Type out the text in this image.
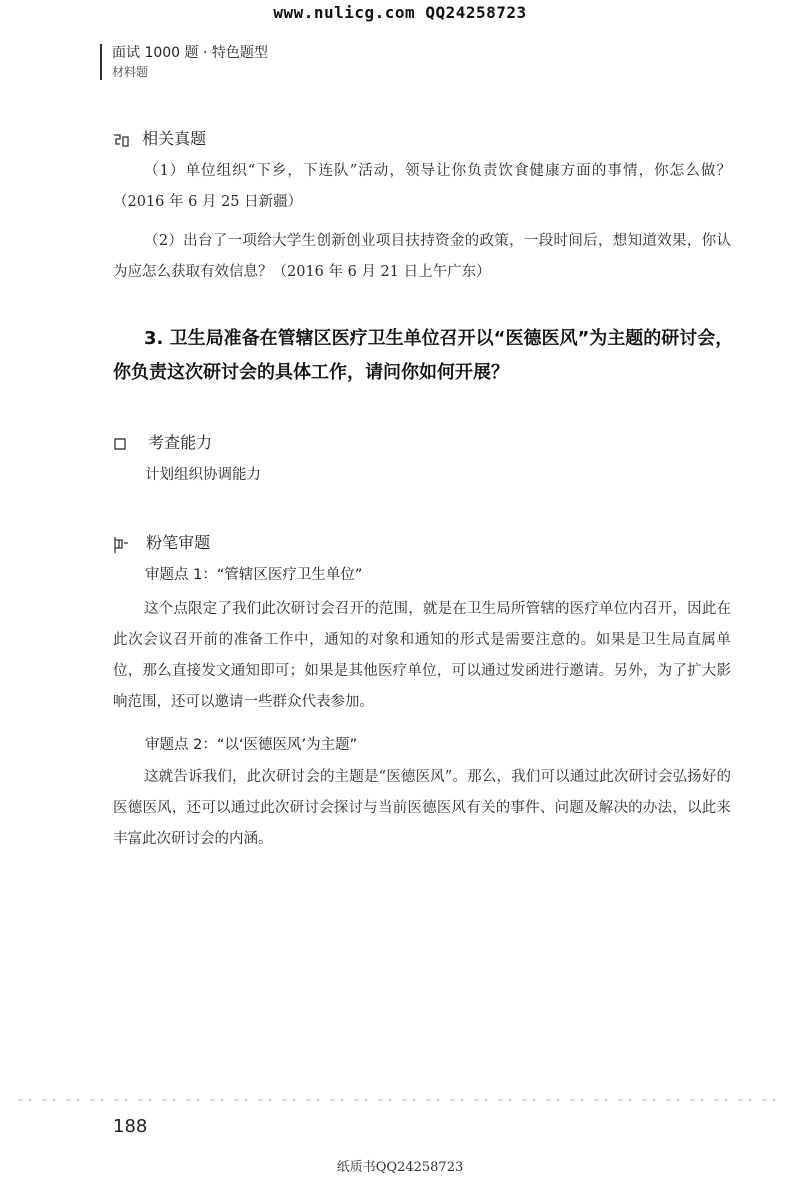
www.nulicg.com QQ24258723
面试 1000 题 · 特色题型
材料题
相关真题
（1）单位组织“下乡，下连队”活动，领导让你负责饮食健康方面的事情，你怎么做？（2016 年 6 月 25 日新疆）
（2）出台了一项给大学生创新创业项目扶持资金的政策，一段时间后，想知道效果，你认为应怎么获取有效信息？（2016 年 6 月 21 日上午广东）
3. 卫生局准备在管辖区医疗卫生单位召开以“医德医风”为主题的研讨会，你负责这次研讨会的具体工作，请问你如何开展？
考查能力
计划组织协调能力
粉笔审题
审题点 1：“管辖区医疗卫生单位”
这个点限定了我们此次研讨会召开的范围，就是在卫生局所管辖的医疗单位内召开，因此在此次会议召开前的准备工作中，通知的对象和通知的形式是需要注意的。如果是卫生局直属单位，那么直接发文通知即可；如果是其他医疗单位，可以通过发函进行邀请。另外，为了扩大影响范围，还可以邀请一些群众代表参加。
审题点 2：“以‘医德医风’为主题”
这就告诉我们，此次研讨会的主题是“医德医风”。那么，我们可以通过此次研讨会弘扬好的医德医风，还可以通过此次研讨会探讨与当前医德医风有关的事件、问题及解决的办法，以此来丰富此次研讨会的内涵。
188
纸质书QQ24258723
